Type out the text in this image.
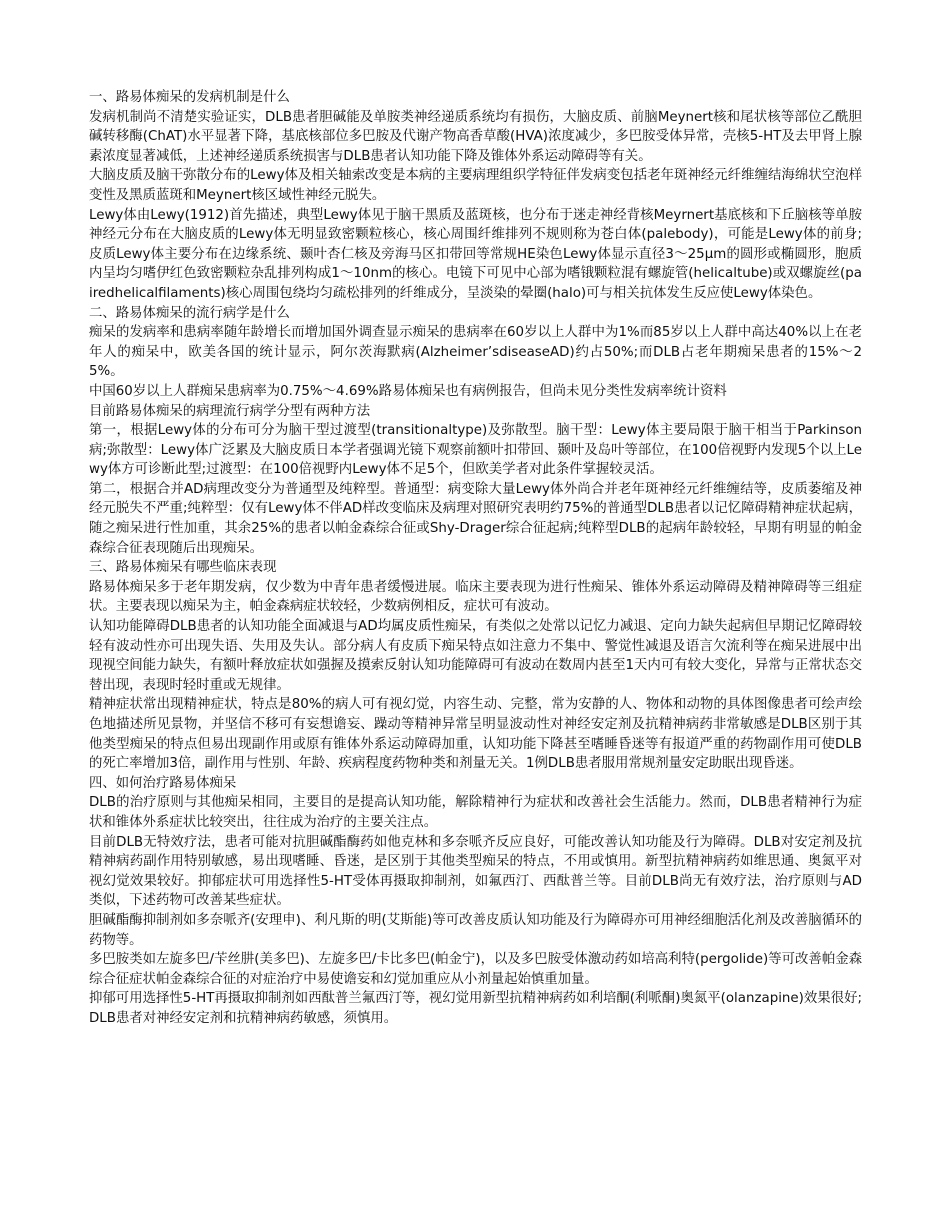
一、路易体痴呆的发病机制是什么

发病机制尚不清楚实验证实，DLB患者胆碱能及单胺类神经递质系统均有损伤，大脑皮质、前脑Meynert核和尾状核等部位乙酰胆碱转移酶(ChAT)水平显著下降，基底核部位多巴胺及代谢产物高香草酸(HVA)浓度减少，多巴胺受体异常，壳核5-HT及去甲肾上腺素浓度显著减低，上述神经递质系统损害与DLB患者认知功能下降及锥体外系运动障碍等有关。

大脑皮质及脑干弥散分布的Lewy体及相关轴索改变是本病的主要病理组织学特征伴发病变包括老年斑神经元纤维缠结海绵状空泡样变性及黑质蓝斑和Meynert核区域性神经元脱失。

Lewy体由Lewy(1912)首先描述，典型Lewy体见于脑干黑质及蓝斑核，也分布于迷走神经背核Meyrnert基底核和下丘脑核等单胺神经元分布在大脑皮质的Lewy体无明显致密颗粒核心，核心周围纤维排列不规则称为苍白体(palebody)，可能是Lewy体的前身;皮质Lewy体主要分布在边缘系统、颞叶杏仁核及旁海马区扣带回等常规HE染色Lewy体显示直径3～25μm的圆形或椭圆形，胞质内呈均匀嗜伊红色致密颗粒杂乱排列构成1～10nm的核心。电镜下可见中心部为嗜锇颗粒混有螺旋管(helicaltube)或双螺旋丝(pairedhelicalfilaments)核心周围包绕均匀疏松排列的纤维成分，呈淡染的晕圈(halo)可与相关抗体发生反应使Lewy体染色。

二、路易体痴呆的流行病学是什么

痴呆的发病率和患病率随年龄增长而增加国外调查显示痴呆的患病率在60岁以上人群中为1%而85岁以上人群中高达40%以上在老年人的痴呆中，欧美各国的统计显示，阿尔茨海默病(Alzheimer’sdiseaseAD)约占50%;而DLB占老年期痴呆患者的15%～25%。

中国60岁以上人群痴呆患病率为0.75%～4.69%路易体痴呆也有病例报告，但尚未见分类性发病率统计资料

目前路易体痴呆的病理流行病学分型有两种方法

第一，根据Lewy体的分布可分为脑干型过渡型(transitionaltype)及弥散型。脑干型：Lewy体主要局限于脑干相当于Parkinson病;弥散型：Lewy体广泛累及大脑皮质日本学者强调光镜下观察前额叶扣带回、颞叶及岛叶等部位，在100倍视野内发现5个以上Lewy体方可诊断此型;过渡型：在100倍视野内Lewy体不足5个，但欧美学者对此条件掌握较灵活。

第二，根据合并AD病理改变分为普通型及纯粹型。普通型：病变除大量Lewy体外尚合并老年斑神经元纤维缠结等，皮质萎缩及神经元脱失不严重;纯粹型：仅有Lewy体不伴AD样改变临床及病理对照研究表明约75%的普通型DLB患者以记忆障碍精神症状起病，随之痴呆进行性加重，其余25%的患者以帕金森综合征或Shy-Drager综合征起病;纯粹型DLB的起病年龄较轻，早期有明显的帕金森综合征表现随后出现痴呆。

三、路易体痴呆有哪些临床表现

路易体痴呆多于老年期发病，仅少数为中青年患者缓慢进展。临床主要表现为进行性痴呆、锥体外系运动障碍及精神障碍等三组症状。主要表现以痴呆为主，帕金森病症状较轻，少数病例相反，症状可有波动。

认知功能障碍DLB患者的认知功能全面减退与AD均属皮质性痴呆，有类似之处常以记忆力减退、定向力缺失起病但早期记忆障碍较轻有波动性亦可出现失语、失用及失认。部分病人有皮质下痴呆特点如注意力不集中、警觉性减退及语言欠流利等在痴呆进展中出现视空间能力缺失，有额叶释放症状如强握及摸索反射认知功能障碍可有波动在数周内甚至1天内可有较大变化，异常与正常状态交替出现，表现时轻时重或无规律。

精神症状常出现精神症状，特点是80%的病人可有视幻觉，内容生动、完整，常为安静的人、物体和动物的具体图像患者可绘声绘色地描述所见景物，并坚信不移可有妄想谵妄、躁动等精神异常呈明显波动性对神经安定剂及抗精神病药非常敏感是DLB区别于其他类型痴呆的特点但易出现副作用或原有锥体外系运动障碍加重，认知功能下降甚至嗜睡昏迷等有报道严重的药物副作用可使DLB的死亡率增加3倍，副作用与性别、年龄、疾病程度药物种类和剂量无关。1例DLB患者服用常规剂量安定助眠出现昏迷。

四、如何治疗路易体痴呆

DLB的治疗原则与其他痴呆相同，主要目的是提高认知功能，解除精神行为症状和改善社会生活能力。然而，DLB患者精神行为症状和锥体外系症状比较突出，往往成为治疗的主要关注点。

目前DLB无特效疗法，患者可能对抗胆碱酯酶药如他克林和多奈哌齐反应良好，可能改善认知功能及行为障碍。DLB对安定剂及抗精神病药副作用特别敏感，易出现嗜睡、昏迷，是区别于其他类型痴呆的特点，不用或慎用。新型抗精神病药如维思通、奥氮平对视幻觉效果较好。抑郁症状可用选择性5-HT受体再摄取抑制剂，如氟西汀、西酞普兰等。目前DLB尚无有效疗法，治疗原则与AD类似，下述药物可改善某些症状。

胆碱酯酶抑制剂如多奈哌齐(安理申)、利凡斯的明(艾斯能)等可改善皮质认知功能及行为障碍亦可用神经细胞活化剂及改善脑循环的药物等。

多巴胺类如左旋多巴/苄丝肼(美多巴)、左旋多巴/卡比多巴(帕金宁)，以及多巴胺受体激动药如培高利特(pergolide)等可改善帕金森综合征症状帕金森综合征的对症治疗中易使谵妄和幻觉加重应从小剂量起始慎重加量。

抑郁可用选择性5-HT再摄取抑制剂如西酞普兰氟西汀等，视幻觉用新型抗精神病药如利培酮(利哌酮)奥氮平(olanzapine)效果很好;DLB患者对神经安定剂和抗精神病药敏感，须慎用。
